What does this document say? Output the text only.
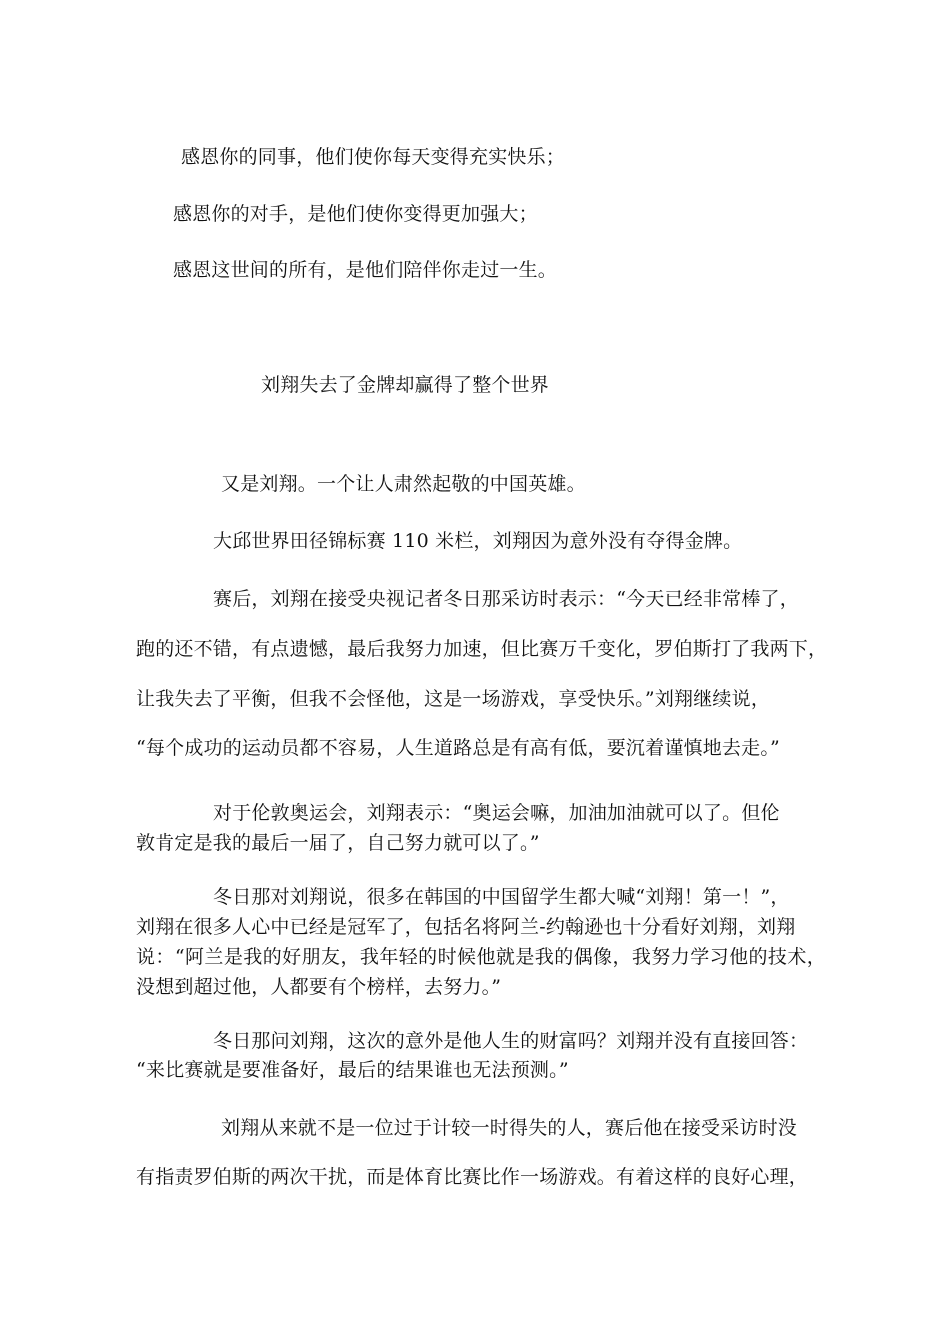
感恩你的同事，他们使你每天变得充实快乐；
感恩你的对手，是他们使你变得更加强大；
感恩这世间的所有，是他们陪伴你走过一生。
刘翔失去了金牌却赢得了整个世界
又是刘翔。一个让人肃然起敬的中国英雄。
大邱世界田径锦标赛 110 米栏，刘翔因为意外没有夺得金牌。
赛后，刘翔在接受央视记者冬日那采访时表示：“今天已经非常棒了，
跑的还不错，有点遗憾，最后我努力加速，但比赛万千变化，罗伯斯打了我两下，
让我失去了平衡，但我不会怪他，这是一场游戏，享受快乐。”刘翔继续说，
“每个成功的运动员都不容易，人生道路总是有高有低，要沉着谨慎地去走。”
对于伦敦奥运会，刘翔表示：“奥运会嘛，加油加油就可以了。但伦
敦肯定是我的最后一届了，自己努力就可以了。”
冬日那对刘翔说，很多在韩国的中国留学生都大喊“刘翔！第一！”，
刘翔在很多人心中已经是冠军了，包括名将阿兰-约翰逊也十分看好刘翔，刘翔
说：“阿兰是我的好朋友，我年轻的时候他就是我的偶像，我努力学习他的技术，
没想到超过他，人都要有个榜样，去努力。”
冬日那问刘翔，这次的意外是他人生的财富吗？刘翔并没有直接回答：
“来比赛就是要准备好，最后的结果谁也无法预测。”
刘翔从来就不是一位过于计较一时得失的人，赛后他在接受采访时没
有指责罗伯斯的两次干扰，而是体育比赛比作一场游戏。有着这样的良好心理，
